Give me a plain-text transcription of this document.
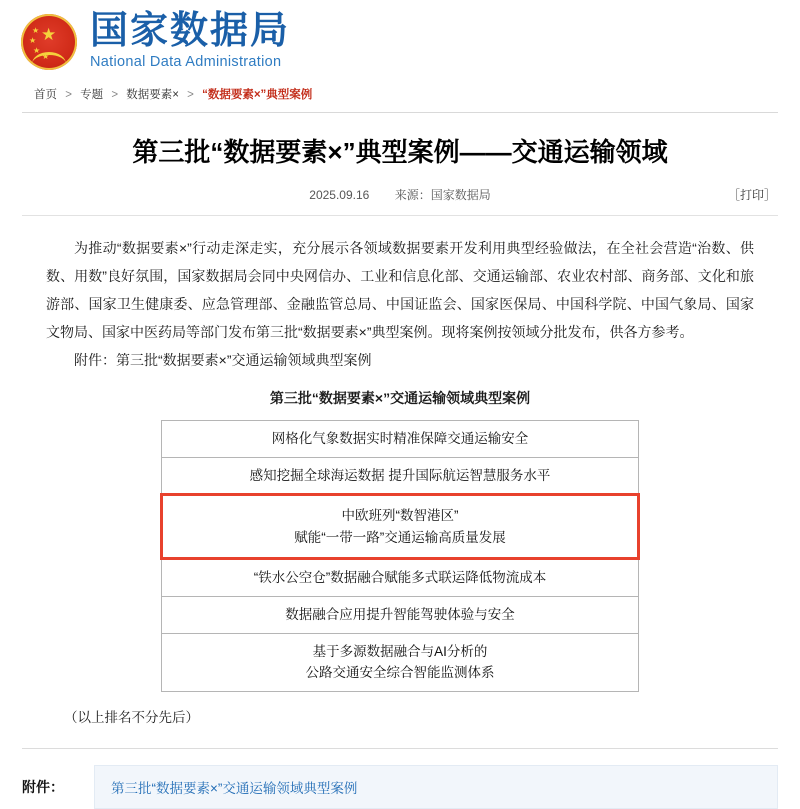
★
★
★
★
★
国家数据局
National Data Administration
首页 > 专题 > 数据要素× > “数据要素×”典型案例
第三批“数据要素×”典型案例——交通运输领域
2025.09.16 来源：国家数据局	［打印］

为推动“数据要素×”行动走深走实，充分展示各领域数据要素开发利用典型经验做法，在全社会营造“治数、供数、用数”良好氛围，国家数据局会同中央网信办、工业和信息化部、交通运输部、农业农村部、商务部、文化和旅游部、国家卫生健康委、应急管理部、金融监管总局、中国证监会、国家医保局、中国科学院、中国气象局、国家文物局、国家中医药局等部门发布第三批“数据要素×”典型案例。现将案例按领域分批发布，供各方参考。

附件：第三批“数据要素×”交通运输领域典型案例

第三批“数据要素×”交通运输领域典型案例
网格化气象数据实时精准保障交通运输安全
感知挖掘全球海运数据 提升国际航运智慧服务水平

中欧班列“数智港区”
赋能“一带一路”交通运输高质量发展

“铁水公空仓”数据融合赋能多式联运降低物流成本
数据融合应用提升智能驾驶体验与安全

基于多源数据融合与AI分析的
公路交通安全综合智能监测体系
（以上排名不分先后）
附件：	第三批“数据要素×”交通运输领域典型案例
